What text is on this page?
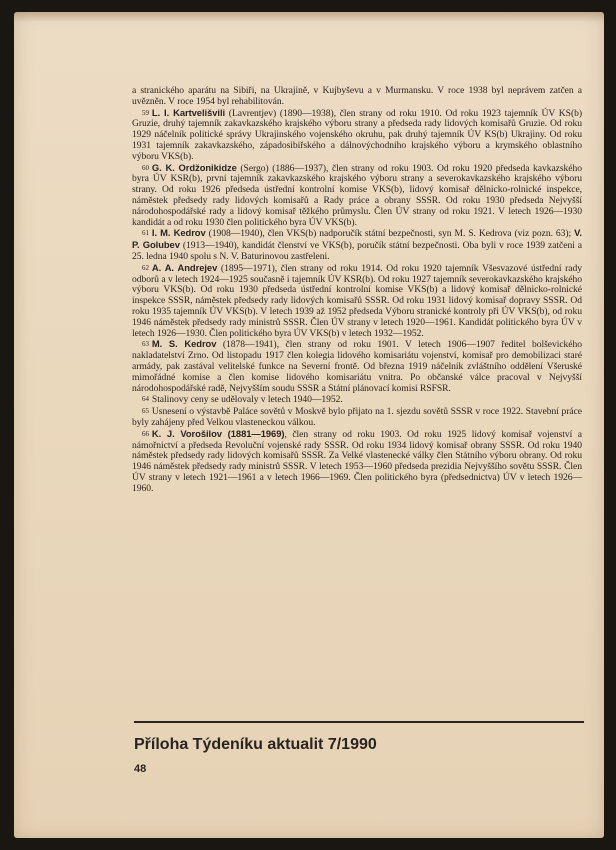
a stranického aparátu na Sibiři, na Ukrajině, v Kujbyševu a v Murmansku. V roce 1938 byl neprávem zatčen a uvězněn. V roce 1954 byl rehabilitován.

59 L. I. Kartvelišvili (Lavrentjev) (1890—1938), člen strany od roku 1910. Od roku 1923 tajemník ÚV KS(b) Gruzie, druhý tajemník zakavkazského krajského výboru strany a předseda rady lidových komisařů Gruzie. Od roku 1929 náčelník politické správy Ukrajinského vojenského okruhu, pak druhý tajemník ÚV KS(b) Ukrajiny. Od roku 1931 tajemník zakavkazského, západosibiřského a dálnovýchodního krajského výboru a krymského oblastního výboru VKS(b).

60 G. K. Ordžonikidze (Sergo) (1886—1937), člen strany od roku 1903. Od roku 1920 předseda kavkazského byra ÚV KSR(b), první tajemník zakavkazského krajského výboru strany a severokavkazského krajského výboru strany. Od roku 1926 předseda ústřední kontrolní komise VKS(b), lidový komisař dělnicko-rolnické inspekce, náměstek předsedy rady lidových komisařů a Rady práce a obrany SSSR. Od roku 1930 předseda Nejvyšší národohospodářské rady a lidový komisař těžkého průmyslu. Člen ÚV strany od roku 1921. V letech 1926—1930 kandidát a od roku 1930 člen politického byra ÚV VKS(b).

61 I. M. Kedrov (1908—1940), člen VKS(b) nadporučík státní bezpečnosti, syn M. S. Kedrova (viz pozn. 63); V. P. Golubev (1913—1940), kandidát členství ve VKS(b), poručík státní bezpečnosti. Oba byli v roce 1939 zatčeni a 25. ledna 1940 spolu s N. V. Baturinovou zastřeleni.

62 A. A. Andrejev (1895—1971), člen strany od roku 1914. Od roku 1920 tajemník Všesvazové ústřední rady odborů a v letech 1924—1925 současně i tajemník ÚV KSR(b). Od roku 1927 tajemník severokavkazského krajského výboru VKS(b). Od roku 1930 předseda ústřední kontrolní komise VKS(b) a lidový komisař dělnicko-rolnické inspekce SSSR, náměstek předsedy rady lidových komisařů SSSR. Od roku 1931 lidový komisař dopravy SSSR. Od roku 1935 tajemník ÚV VKS(b). V letech 1939 až 1952 předseda Výboru stranické kontroly při ÚV VKS(b), od roku 1946 náměstek předsedy rady ministrů SSSR. Člen ÚV strany v letech 1920—1961. Kandidát politického byra ÚV v letech 1926—1930. Člen politického byra ÚV VKS(b) v letech 1932—1952.

63 M. S. Kedrov (1878—1941), člen strany od roku 1901. V letech 1906—1907 ředitel bolševického nakladatelství Zrno. Od listopadu 1917 člen kolegia lidového komisariátu vojenství, komisař pro demobilizaci staré armády, pak zastával velitelské funkce na Severní frontě. Od března 1919 náčelník zvláštního oddělení Všeruské mimořádné komise a člen komise lidového komisariátu vnitra. Po občanské válce pracoval v Nejvyšší národohospodářské radě, Nejvyšším soudu SSSR a Státní plánovací komisi RSFSR.

64 Stalinovy ceny se udělovaly v letech 1940—1952.

65 Usnesení o výstavbě Paláce sovětů v Moskvě bylo přijato na 1. sjezdu sovětů SSSR v roce 1922. Stavební práce byly zahájeny před Velkou vlasteneckou válkou.

66 K. J. Vorošilov (1881—1969), člen strany od roku 1903. Od roku 1925 lidový komisař vojenství a námořnictví a předseda Revoluční vojenské rady SSSR. Od roku 1934 lidový komisař obrany SSSR. Od roku 1940 náměstek předsedy rady lidových komisařů SSSR. Za Velké vlastenecké války člen Státního výboru obrany. Od roku 1946 náměstek předsedy rady ministrů SSSR. V letech 1953—1960 předseda prezidia Nejvyššího sovětu SSSR. Člen ÚV strany v letech 1921—1961 a v letech 1966—1969. Člen politického byra (předsednictva) ÚV v letech 1926—1960.

Příloha Týdeníku aktualit 7/1990
48
